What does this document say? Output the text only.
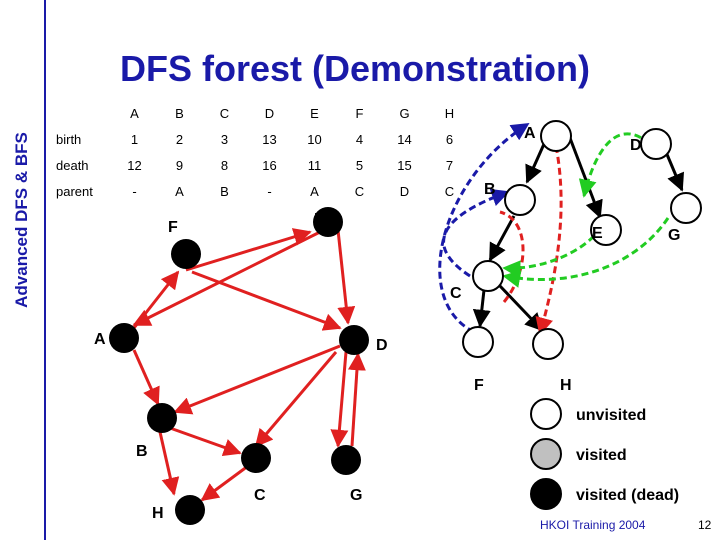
Advanced DFS & BFS
DFS forest (Demonstration)
	A	B	C	D	E	F	G	H
birth	1	2	3	13	10	4	14	6
death	12	9	8	16	11	5	15	7
parent	-	A	B	-	A	C	D	C
F	E
A	D
B
C	G
H
A
D
B
E	G
C
F	H
unvisited
visited
visited (dead)
HKOI Training 2004	12
